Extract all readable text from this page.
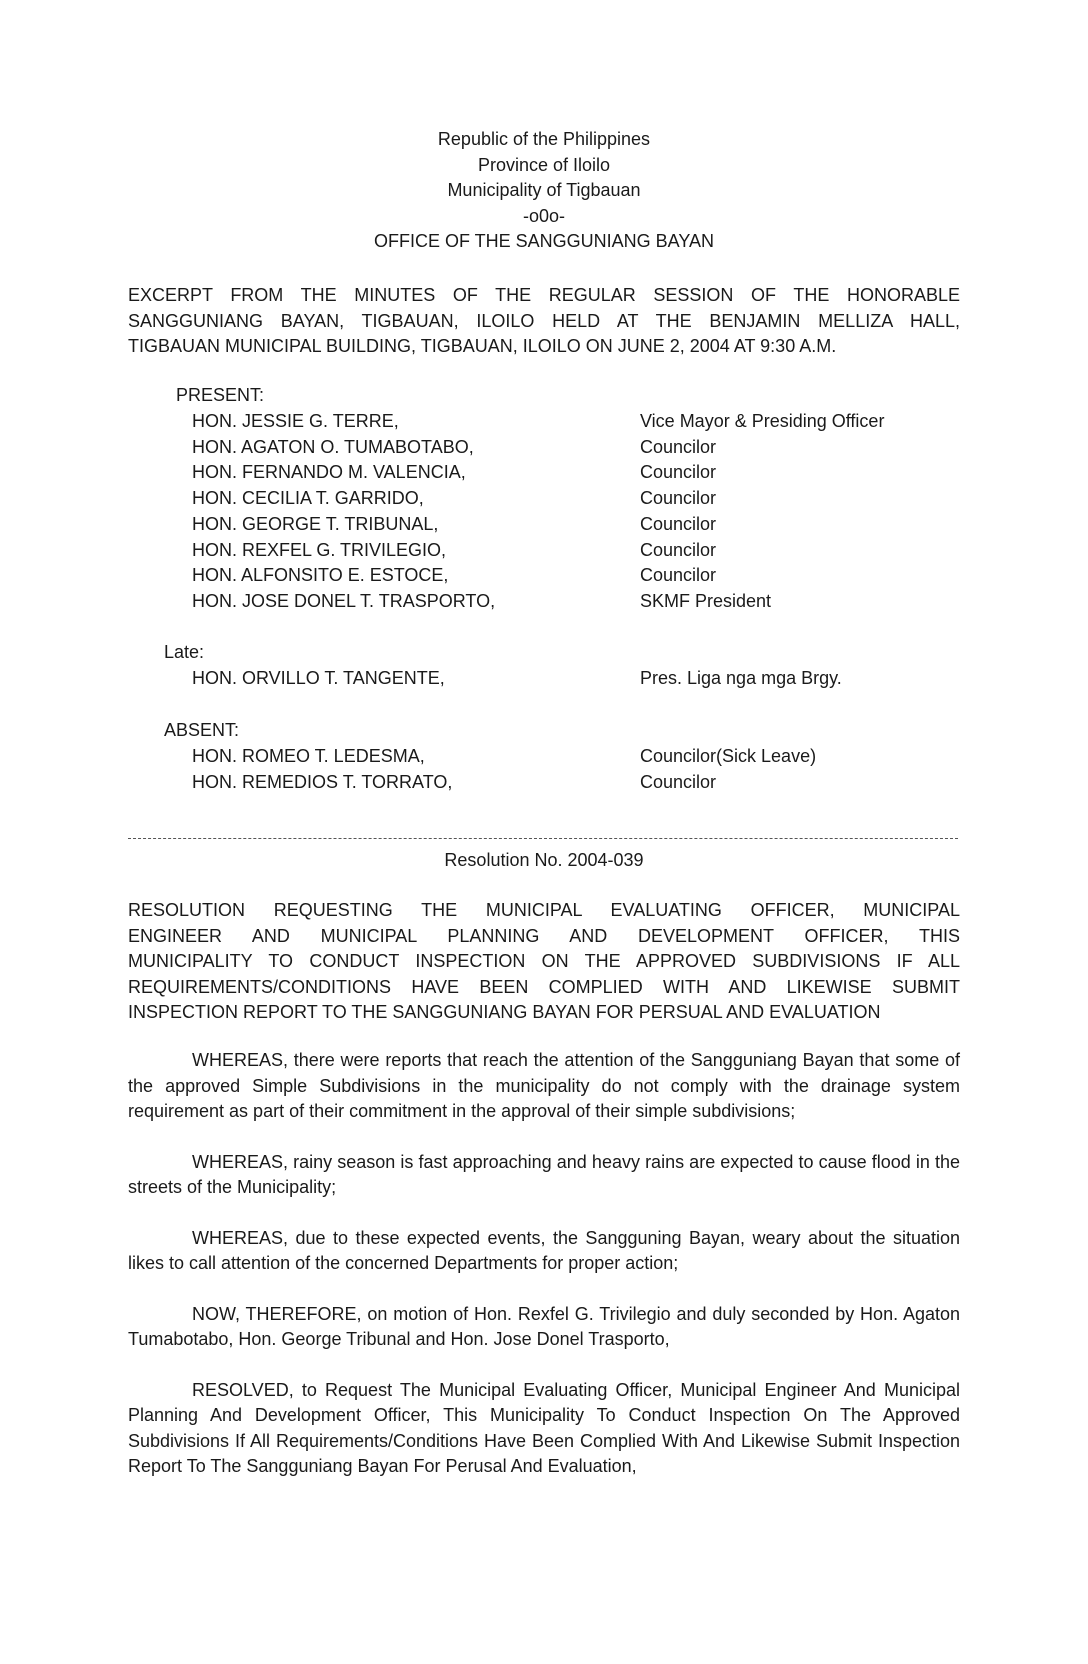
Republic of the Philippines
Province of Iloilo
Municipality of Tigbauan
-o0o-
OFFICE OF THE SANGGUNIANG BAYAN
EXCERPT FROM THE MINUTES OF THE REGULAR SESSION OF THE HONORABLE
SANGGUNIANG BAYAN, TIGBAUAN, ILOILO HELD AT THE BENJAMIN MELLIZA HALL,
TIGBAUAN MUNICIPAL BUILDING, TIGBAUAN, ILOILO ON JUNE 2, 2004 AT 9:30 A.M.
PRESENT:
HON. JESSIE G. TERRE,	Vice Mayor & Presiding Officer
HON. AGATON O. TUMABOTABO,	Councilor
HON. FERNANDO M. VALENCIA,	Councilor
HON. CECILIA T. GARRIDO,	Councilor
HON. GEORGE T. TRIBUNAL,	Councilor
HON. REXFEL G. TRIVILEGIO,	Councilor
HON. ALFONSITO E. ESTOCE,	Councilor
HON. JOSE DONEL T. TRASPORTO,	SKMF President
Late:
HON. ORVILLO T. TANGENTE,	Pres. Liga nga mga Brgy.
ABSENT:
HON. ROMEO T. LEDESMA,	Councilor(Sick Leave)
HON. REMEDIOS T. TORRATO,	Councilor
Resolution No. 2004-039
RESOLUTION REQUESTING THE MUNICIPAL EVALUATING OFFICER, MUNICIPAL
ENGINEER AND MUNICIPAL PLANNING AND DEVELOPMENT OFFICER, THIS
MUNICIPALITY TO CONDUCT INSPECTION ON THE APPROVED SUBDIVISIONS IF ALL
REQUIREMENTS/CONDITIONS HAVE BEEN COMPLIED WITH AND LIKEWISE SUBMIT
INSPECTION REPORT TO THE SANGGUNIANG BAYAN FOR PERSUAL AND EVALUATION

WHEREAS, there were reports that reach the attention of the Sangguniang Bayan that some of the approved Simple Subdivisions in the municipality do not comply with the drainage system requirement as part of their commitment in the approval of their simple subdivisions;

WHEREAS, rainy season is fast approaching and heavy rains are expected to cause flood in the streets of the Municipality;

WHEREAS, due to these expected events, the Sangguning Bayan, weary about the situation likes to call attention of the concerned Departments for proper action;

NOW, THEREFORE, on motion of Hon. Rexfel G. Trivilegio and duly seconded by Hon. Agaton Tumabotabo, Hon. George Tribunal and Hon. Jose Donel Trasporto,

RESOLVED, to Request The Municipal Evaluating Officer, Municipal Engineer And Municipal Planning And Development Officer, This Municipality To Conduct Inspection On The Approved Subdivisions If All Requirements/Conditions Have Been Complied With And Likewise Submit Inspection Report To The Sangguniang Bayan For Perusal And Evaluation,
